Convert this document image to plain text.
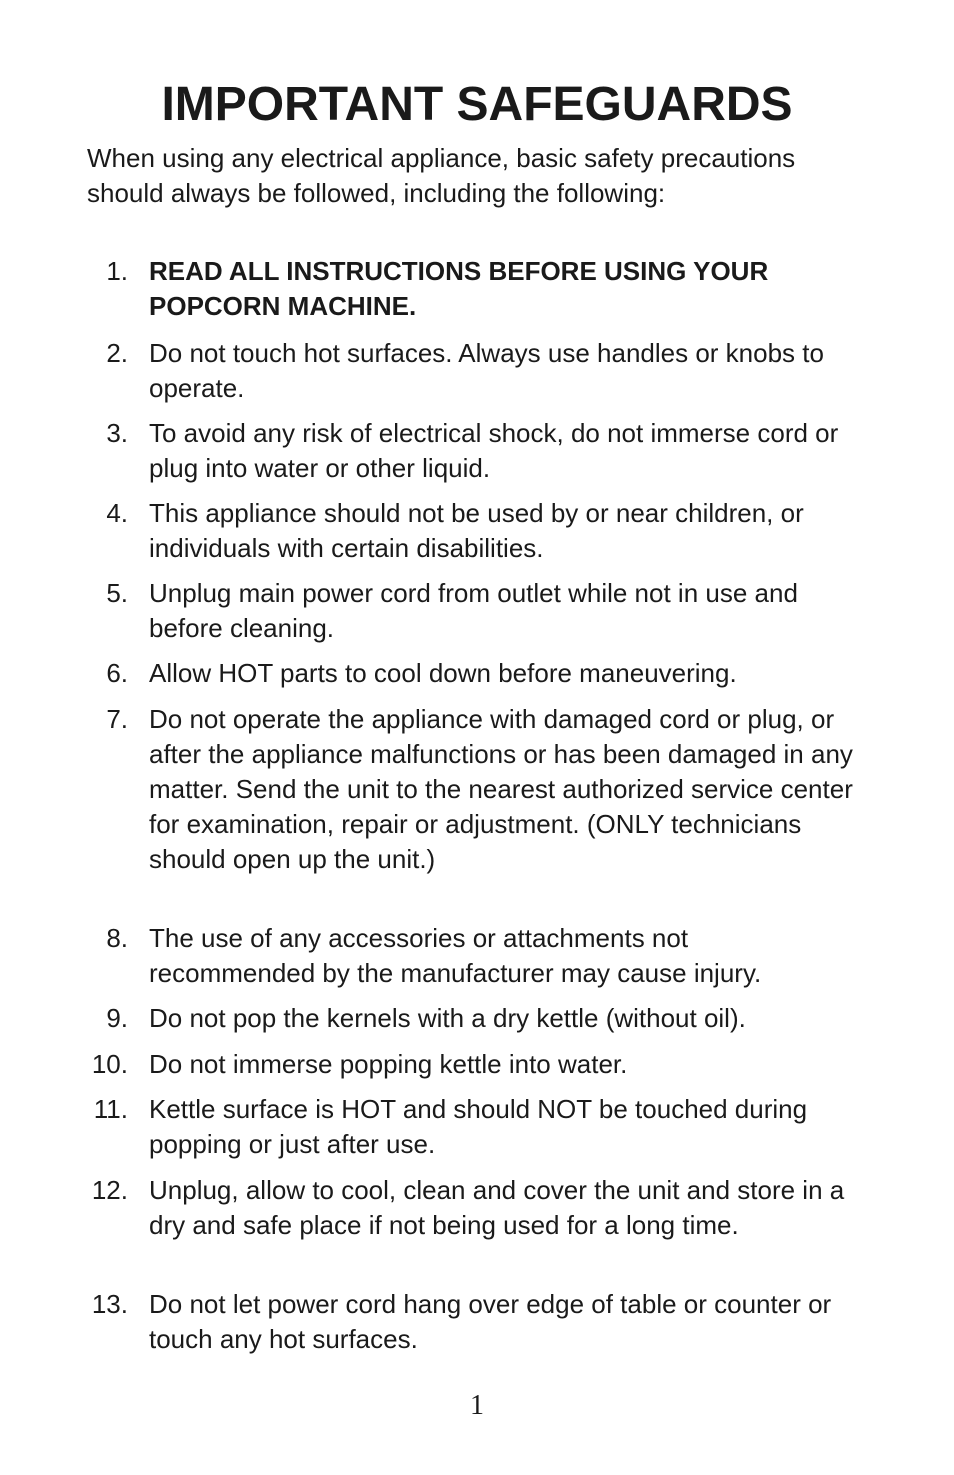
IMPORTANT SAFEGUARDS

When using any electrical appliance, basic safety precautions should always be followed, including the following:

1. READ ALL INSTRUCTIONS BEFORE USING YOUR POPCORN MACHINE.
2. Do not touch hot surfaces. Always use handles or knobs to operate.
3. To avoid any risk of electrical shock, do not immerse cord or plug into water or other liquid.
4. This appliance should not be used by or near children, or individuals with certain disabilities.
5. Unplug main power cord from outlet while not in use and before cleaning.
6. Allow HOT parts to cool down before maneuvering.
7. Do not operate the appliance with damaged cord or plug, or after the appliance malfunctions or has been damaged in any matter. Send the unit to the nearest authorized service center for examination, repair or adjustment. (ONLY technicians should open up the unit.)
8. The use of any accessories or attachments not recommended by the manufacturer may cause injury.
9. Do not pop the kernels with a dry kettle (without oil).
10. Do not immerse popping kettle into water.
11. Kettle surface is HOT and should NOT be touched during popping or just after use.
12. Unplug, allow to cool, clean and cover the unit and store in a dry and safe place if not being used for a long time.
13. Do not let power cord hang over edge of table or counter or touch any hot surfaces.
1
